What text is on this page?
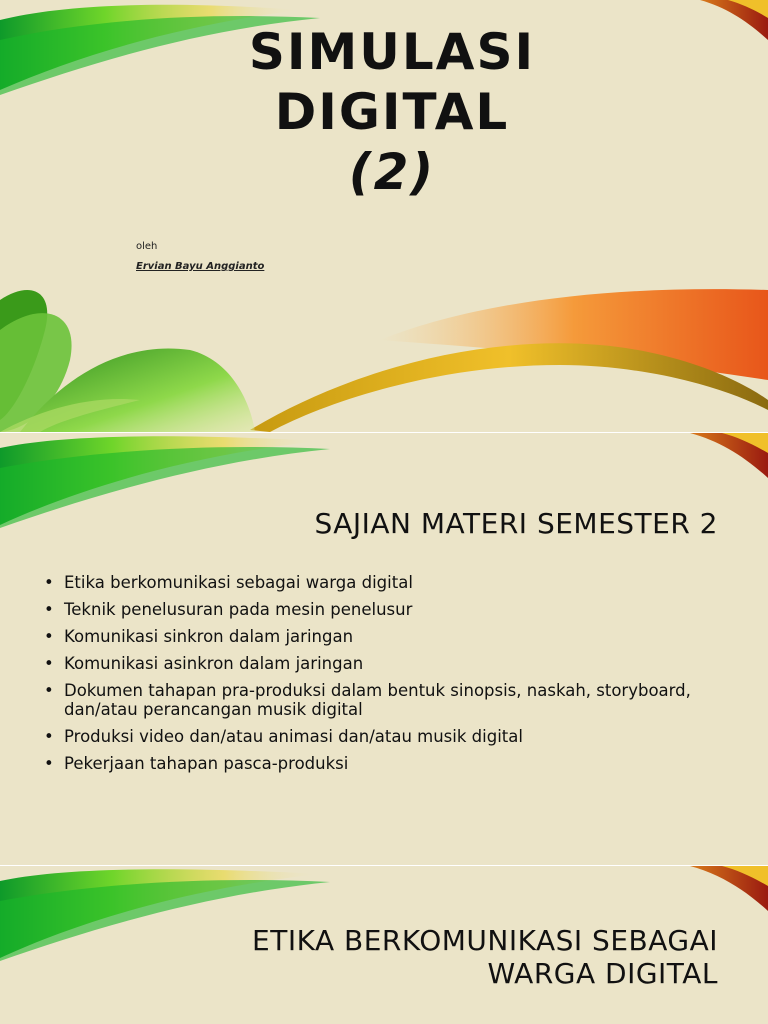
SIMULASI
DIGITAL
(2)
oleh
Ervian Bayu Anggianto
SAJIAN MATERI SEMESTER 2
• Etika berkomunikasi sebagai warga digital
• Teknik penelusuran pada mesin penelusur
• Komunikasi sinkron dalam jaringan
• Komunikasi asinkron dalam jaringan
• Dokumen tahapan pra-produksi dalam bentuk sinopsis, naskah, storyboard, dan/atau perancangan musik digital
• Produksi video dan/atau animasi dan/atau musik digital
• Pekerjaan tahapan pasca-produksi
ETIKA BERKOMUNIKASI SEBAGAI
WARGA DIGITAL
